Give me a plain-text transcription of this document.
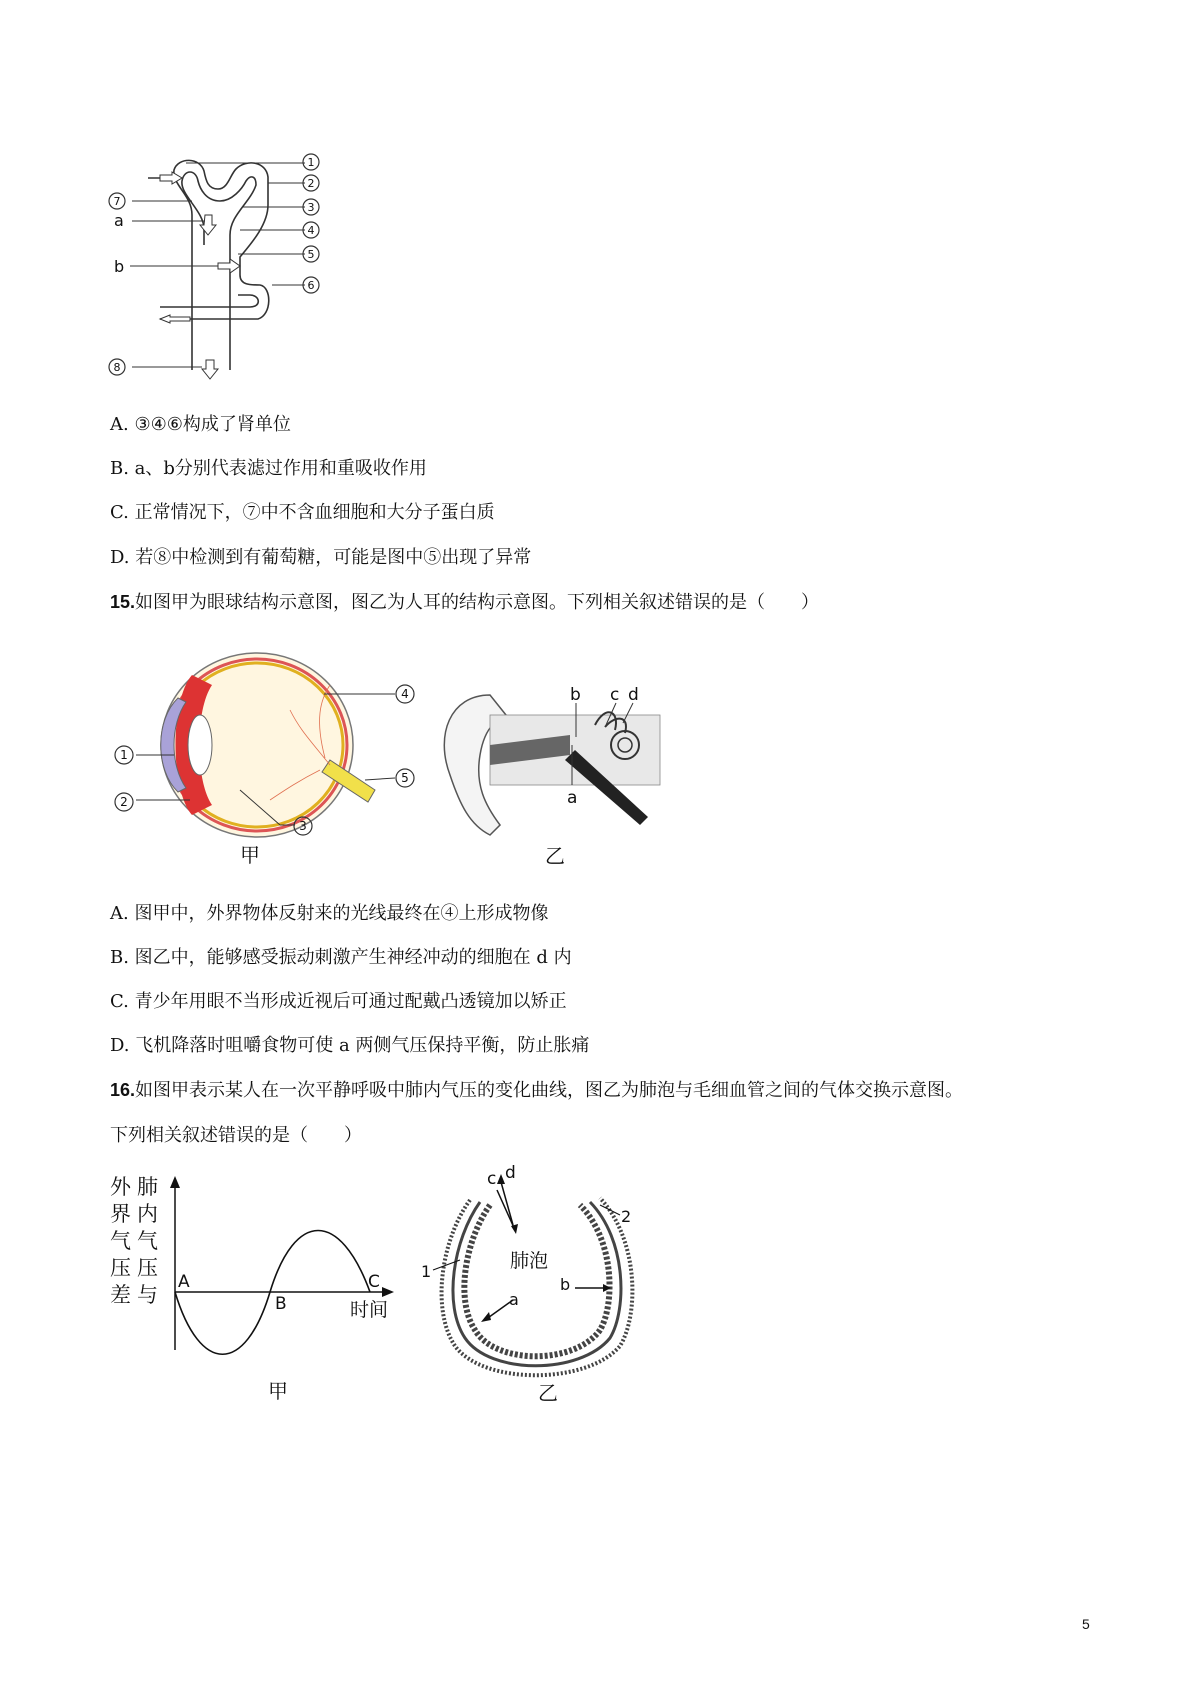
1
2
3
4
5
6
7
8
a
b
A. ③④⑥构成了肾单位
B. a、b分别代表滤过作用和重吸收作用
C. 正常情况下，⑦中不含血细胞和大分子蛋白质
D. 若⑧中检测到有葡萄糖，可能是图中⑤出现了异常
15.如图甲为眼球结构示意图，图乙为人耳的结构示意图。下列相关叙述错误的是（　　）
4
1
2
3
5
甲
b c d
a
乙
A. 图甲中，外界物体反射来的光线最终在④上形成物像
B. 图乙中，能够感受振动刺激产生神经冲动的细胞在 d 内
C. 青少年用眼不当形成近视后可通过配戴凸透镜加以矫正
D. 飞机降落时咀嚼食物可使 a 两侧气压保持平衡，防止胀痛
16.如图甲表示某人在一次平静呼吸中肺内气压的变化曲线，图乙为肺泡与毛细血管之间的气体交换示意图。
下列相关叙述错误的是（　　）
外
界
气
压
差
肺
内
气
压
与
A
B
C
时间
甲
c d
1
2
肺泡
a
b
乙
5
